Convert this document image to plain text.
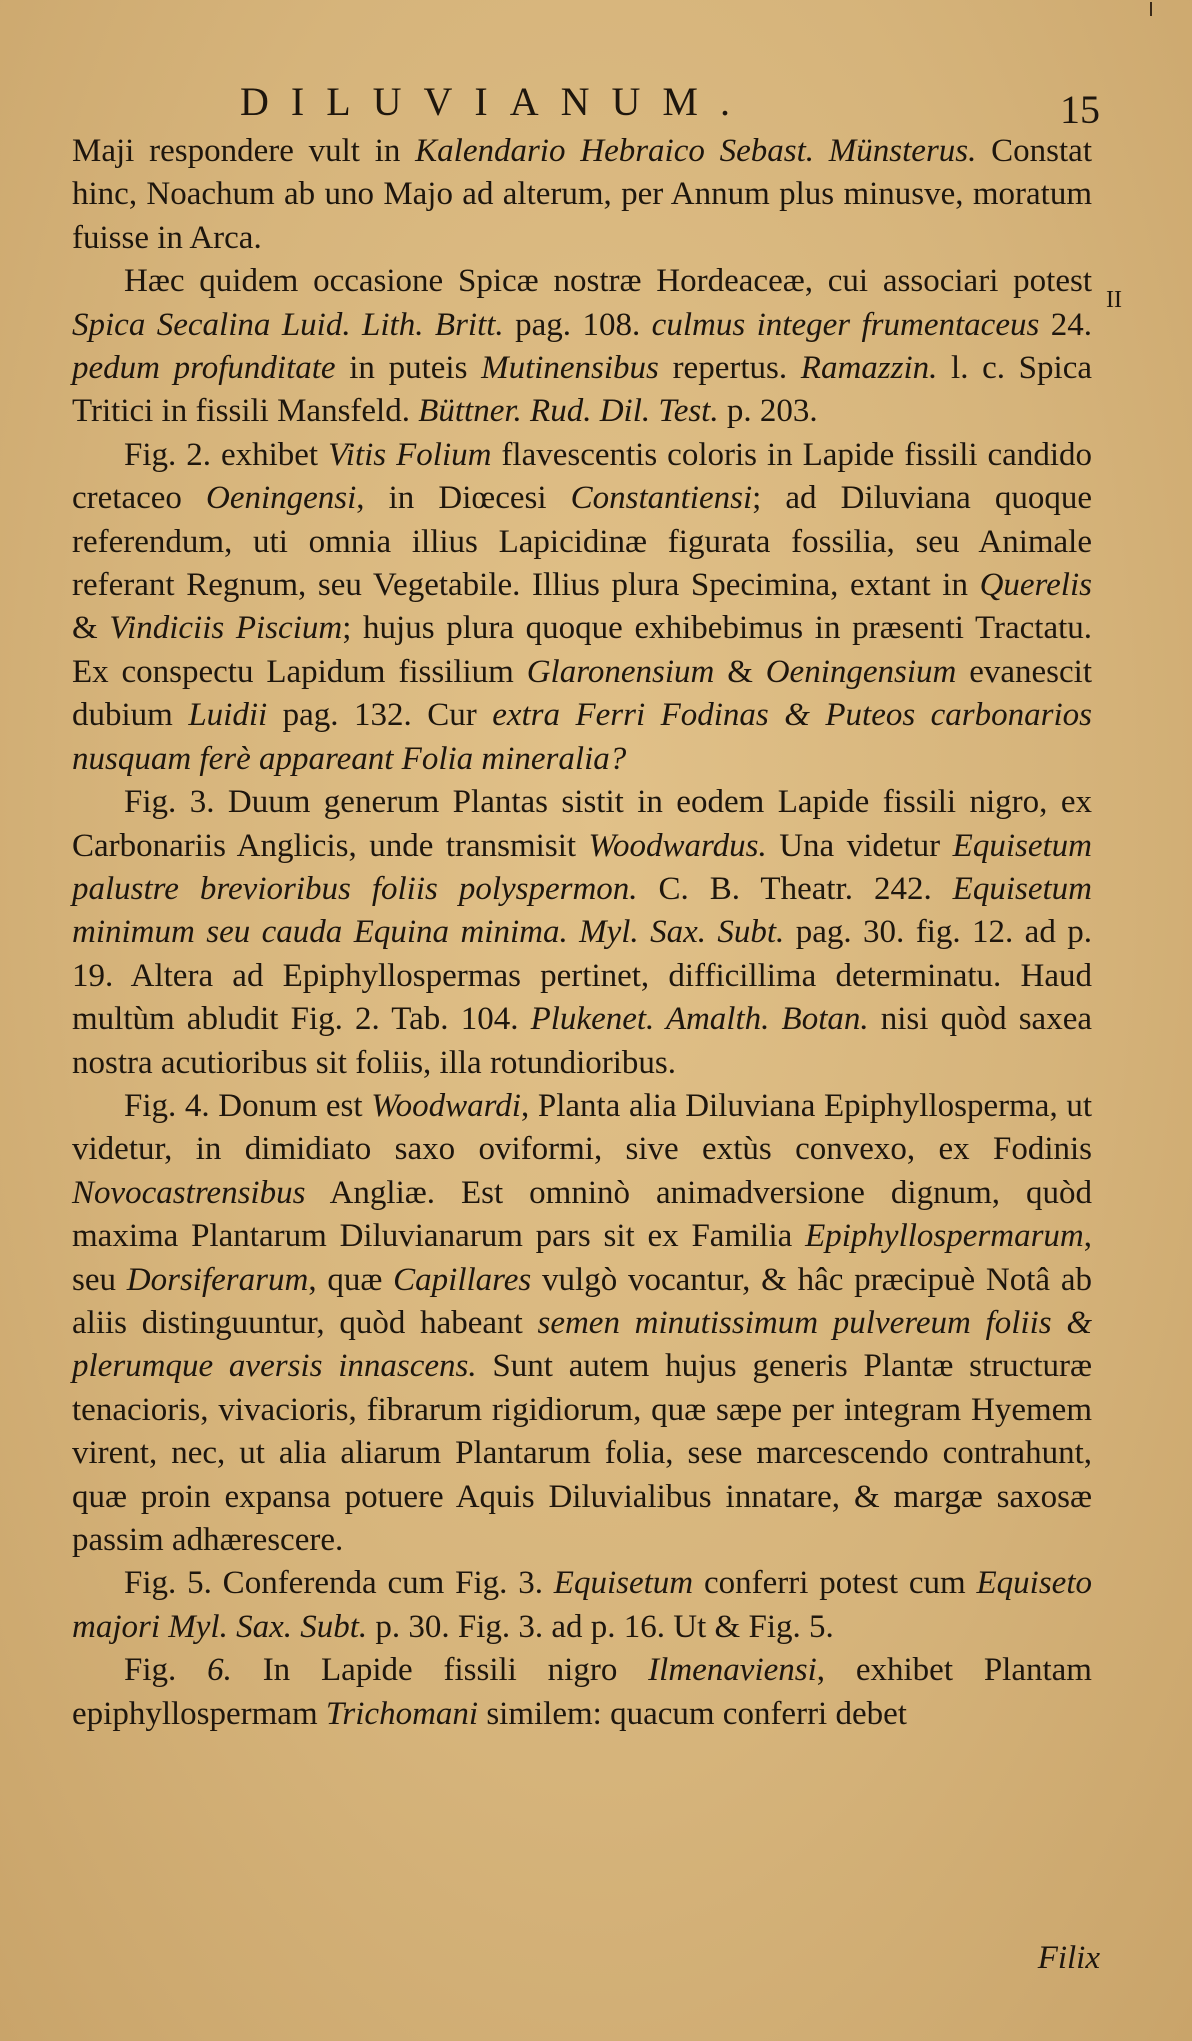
DILUVIANUM.	15
II

Maji respondere vult in Kalendario Hebraico Sebast. Münsterus. Constat hinc, Noachum ab uno Majo ad alterum, per Annum plus minusve, moratum fuisse in Arca.

Hæc quidem occasione Spicæ nostræ Hordeaceæ, cui associari potest Spica Secalina Luid. Lith. Britt. pag. 108. culmus integer frumentaceus 24. pedum profunditate in puteis Mutinensibus repertus. Ramazzin. l. c. Spica Tritici in fissili Mansfeld. Büttner. Rud. Dil. Test. p. 203.

Fig. 2. exhibet Vitis Folium flavescentis coloris in Lapide fissili candido cretaceo Oeningensi, in Diœcesi Constantiensi; ad Diluviana quoque referendum, uti omnia illius Lapicidinæ figurata fossilia, seu Animale referant Regnum, seu Vegetabile. Illius plura Specimina, extant in Querelis & Vindiciis Piscium; hujus plura quoque exhibebimus in præsenti Tractatu. Ex conspectu Lapidum fissilium Glaronensium & Oeningensium evanescit dubium Luidii pag. 132. Cur extra Ferri Fodinas & Puteos carbonarios nusquam ferè appareant Folia mineralia?

Fig. 3. Duum generum Plantas sistit in eodem Lapide fissili nigro, ex Carbonariis Anglicis, unde transmisit Woodwardus. Una videtur Equisetum palustre brevioribus foliis polyspermon. C. B. Theatr. 242. Equisetum minimum seu cauda Equina minima. Myl. Sax. Subt. pag. 30. fig. 12. ad p. 19. Altera ad Epiphyllospermas pertinet, difficillima determinatu. Haud multùm abludit Fig. 2. Tab. 104. Plukenet. Amalth. Botan. nisi quòd saxea nostra acutioribus sit foliis, illa rotundioribus.

Fig. 4. Donum est Woodwardi, Planta alia Diluviana Epiphyllosperma, ut videtur, in dimidiato saxo oviformi, sive extùs convexo, ex Fodinis Novocastrensibus Angliæ. Est omninò animadversione dignum, quòd maxima Plantarum Diluvianarum pars sit ex Familia Epiphyllospermarum, seu Dorsiferarum, quæ Capillares vulgò vocantur, & hâc præcipuè Notâ ab aliis distinguuntur, quòd habeant semen minutissimum pulvereum foliis & plerumque aversis innascens. Sunt autem hujus generis Plantæ structuræ tenacioris, vivacioris, fibrarum rigidiorum, quæ sæpe per integram Hyemem virent, nec, ut alia aliarum Plantarum folia, sese marcescendo contrahunt, quæ proin expansa potuere Aquis Diluvialibus innatare, & margæ saxosæ passim adhærescere.

Fig. 5. Conferenda cum Fig. 3. Equisetum conferri potest cum Equiseto majori Myl. Sax. Subt. p. 30. Fig. 3. ad p. 16. Ut & Fig. 5.

Fig. 6. In Lapide fissili nigro Ilmenaviensi, exhibet Plantam epiphyllospermam Trichomani similem: quacum conferri debet

Filix
